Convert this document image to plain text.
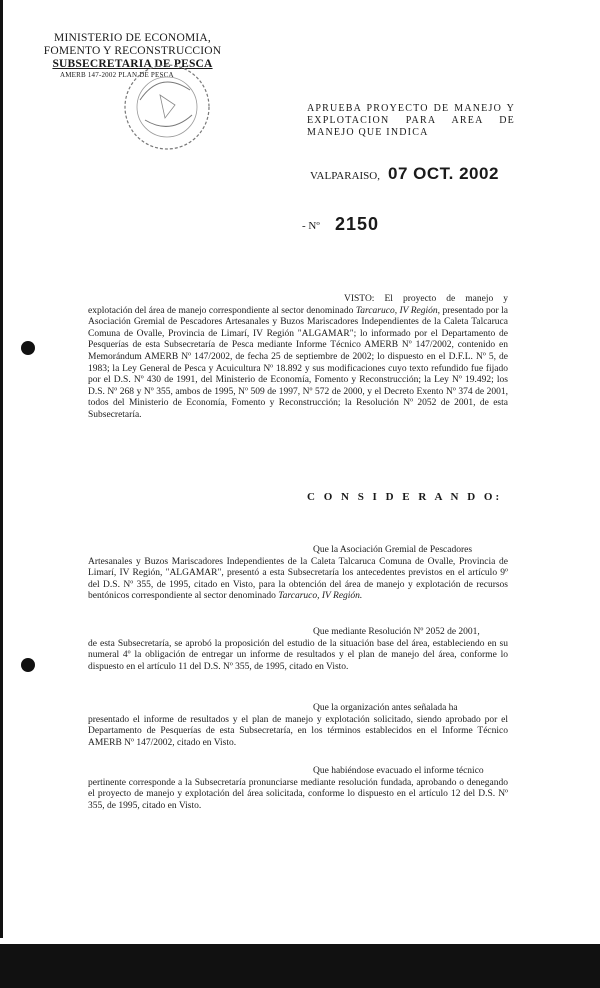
MINISTERIO DE ECONOMIA,
FOMENTO Y RECONSTRUCCION
SUBSECRETARIA DE PESCA
AMERB 147-2002 PLAN DE PESCA
APRUEBA PROYECTO DE MANEJO Y EXPLOTACION PARA AREA DE MANEJO QUE INDICA
VALPARAISO, 07 OCT. 2002
- Nº 2150
VISTO: El proyecto de manejo y explotación del área de manejo correspondiente al sector denominado Tarcaruco, IV Región, presentado por la Asociación Gremial de Pescadores Artesanales y Buzos Mariscadores Independientes de la Caleta Talcaruca Comuna de Ovalle, Provincia de Limarí, IV Región "ALGAMAR"; lo informado por el Departamento de Pesquerías de esta Subsecretaría de Pesca mediante Informe Técnico AMERB Nº 147/2002, contenido en Memorándum AMERB Nº 147/2002, de fecha 25 de septiembre de 2002; lo dispuesto en el D.F.L. Nº 5, de 1983; la Ley General de Pesca y Acuicultura Nº 18.892 y sus modificaciones cuyo texto refundido fue fijado por el D.S. Nº 430 de 1991, del Ministerio de Economía, Fomento y Reconstrucción; la Ley Nº 19.492; los D.S. Nº 268 y Nº 355, ambos de 1995, Nº 509 de 1997, Nº 572 de 2000, y el Decreto Exento Nº 374 de 2001, todos del Ministerio de Economía, Fomento y Reconstrucción; la Resolución Nº 2052 de 2001, de esta Subsecretaría.
C O N S I D E R A N D O:
Que la Asociación Gremial de Pescadores
Artesanales y Buzos Mariscadores Independientes de la Caleta Talcaruca Comuna de Ovalle, Provincia de Limarí, IV Región, "ALGAMAR", presentó a esta Subsecretaría los antecedentes previstos en el artículo 9º del D.S. Nº 355, de 1995, citado en Visto, para la obtención del área de manejo y explotación de recursos bentónicos correspondiente al sector denominado Tarcaruco, IV Región.
Que mediante Resolución Nº 2052 de 2001,
de esta Subsecretaría, se aprobó la proposición del estudio de la situación base del área, estableciendo en su numeral 4º la obligación de entregar un informe de resultados y el plan de manejo del área, conforme lo dispuesto en el artículo 11 del D.S. Nº 355, de 1995, citado en Visto.
Que la organización antes señalada ha
presentado el informe de resultados y el plan de manejo y explotación solicitado, siendo aprobado por el Departamento de Pesquerías de esta Subsecretaría, en los términos establecidos en el Informe Técnico AMERB Nº 147/2002, citado en Visto.
Que habiéndose evacuado el informe técnico
pertinente corresponde a la Subsecretaría pronunciarse mediante resolución fundada, aprobando o denegando el proyecto de manejo y explotación del área solicitada, conforme lo dispuesto en el artículo 12 del D.S. Nº 355, de 1995, citado en Visto.
